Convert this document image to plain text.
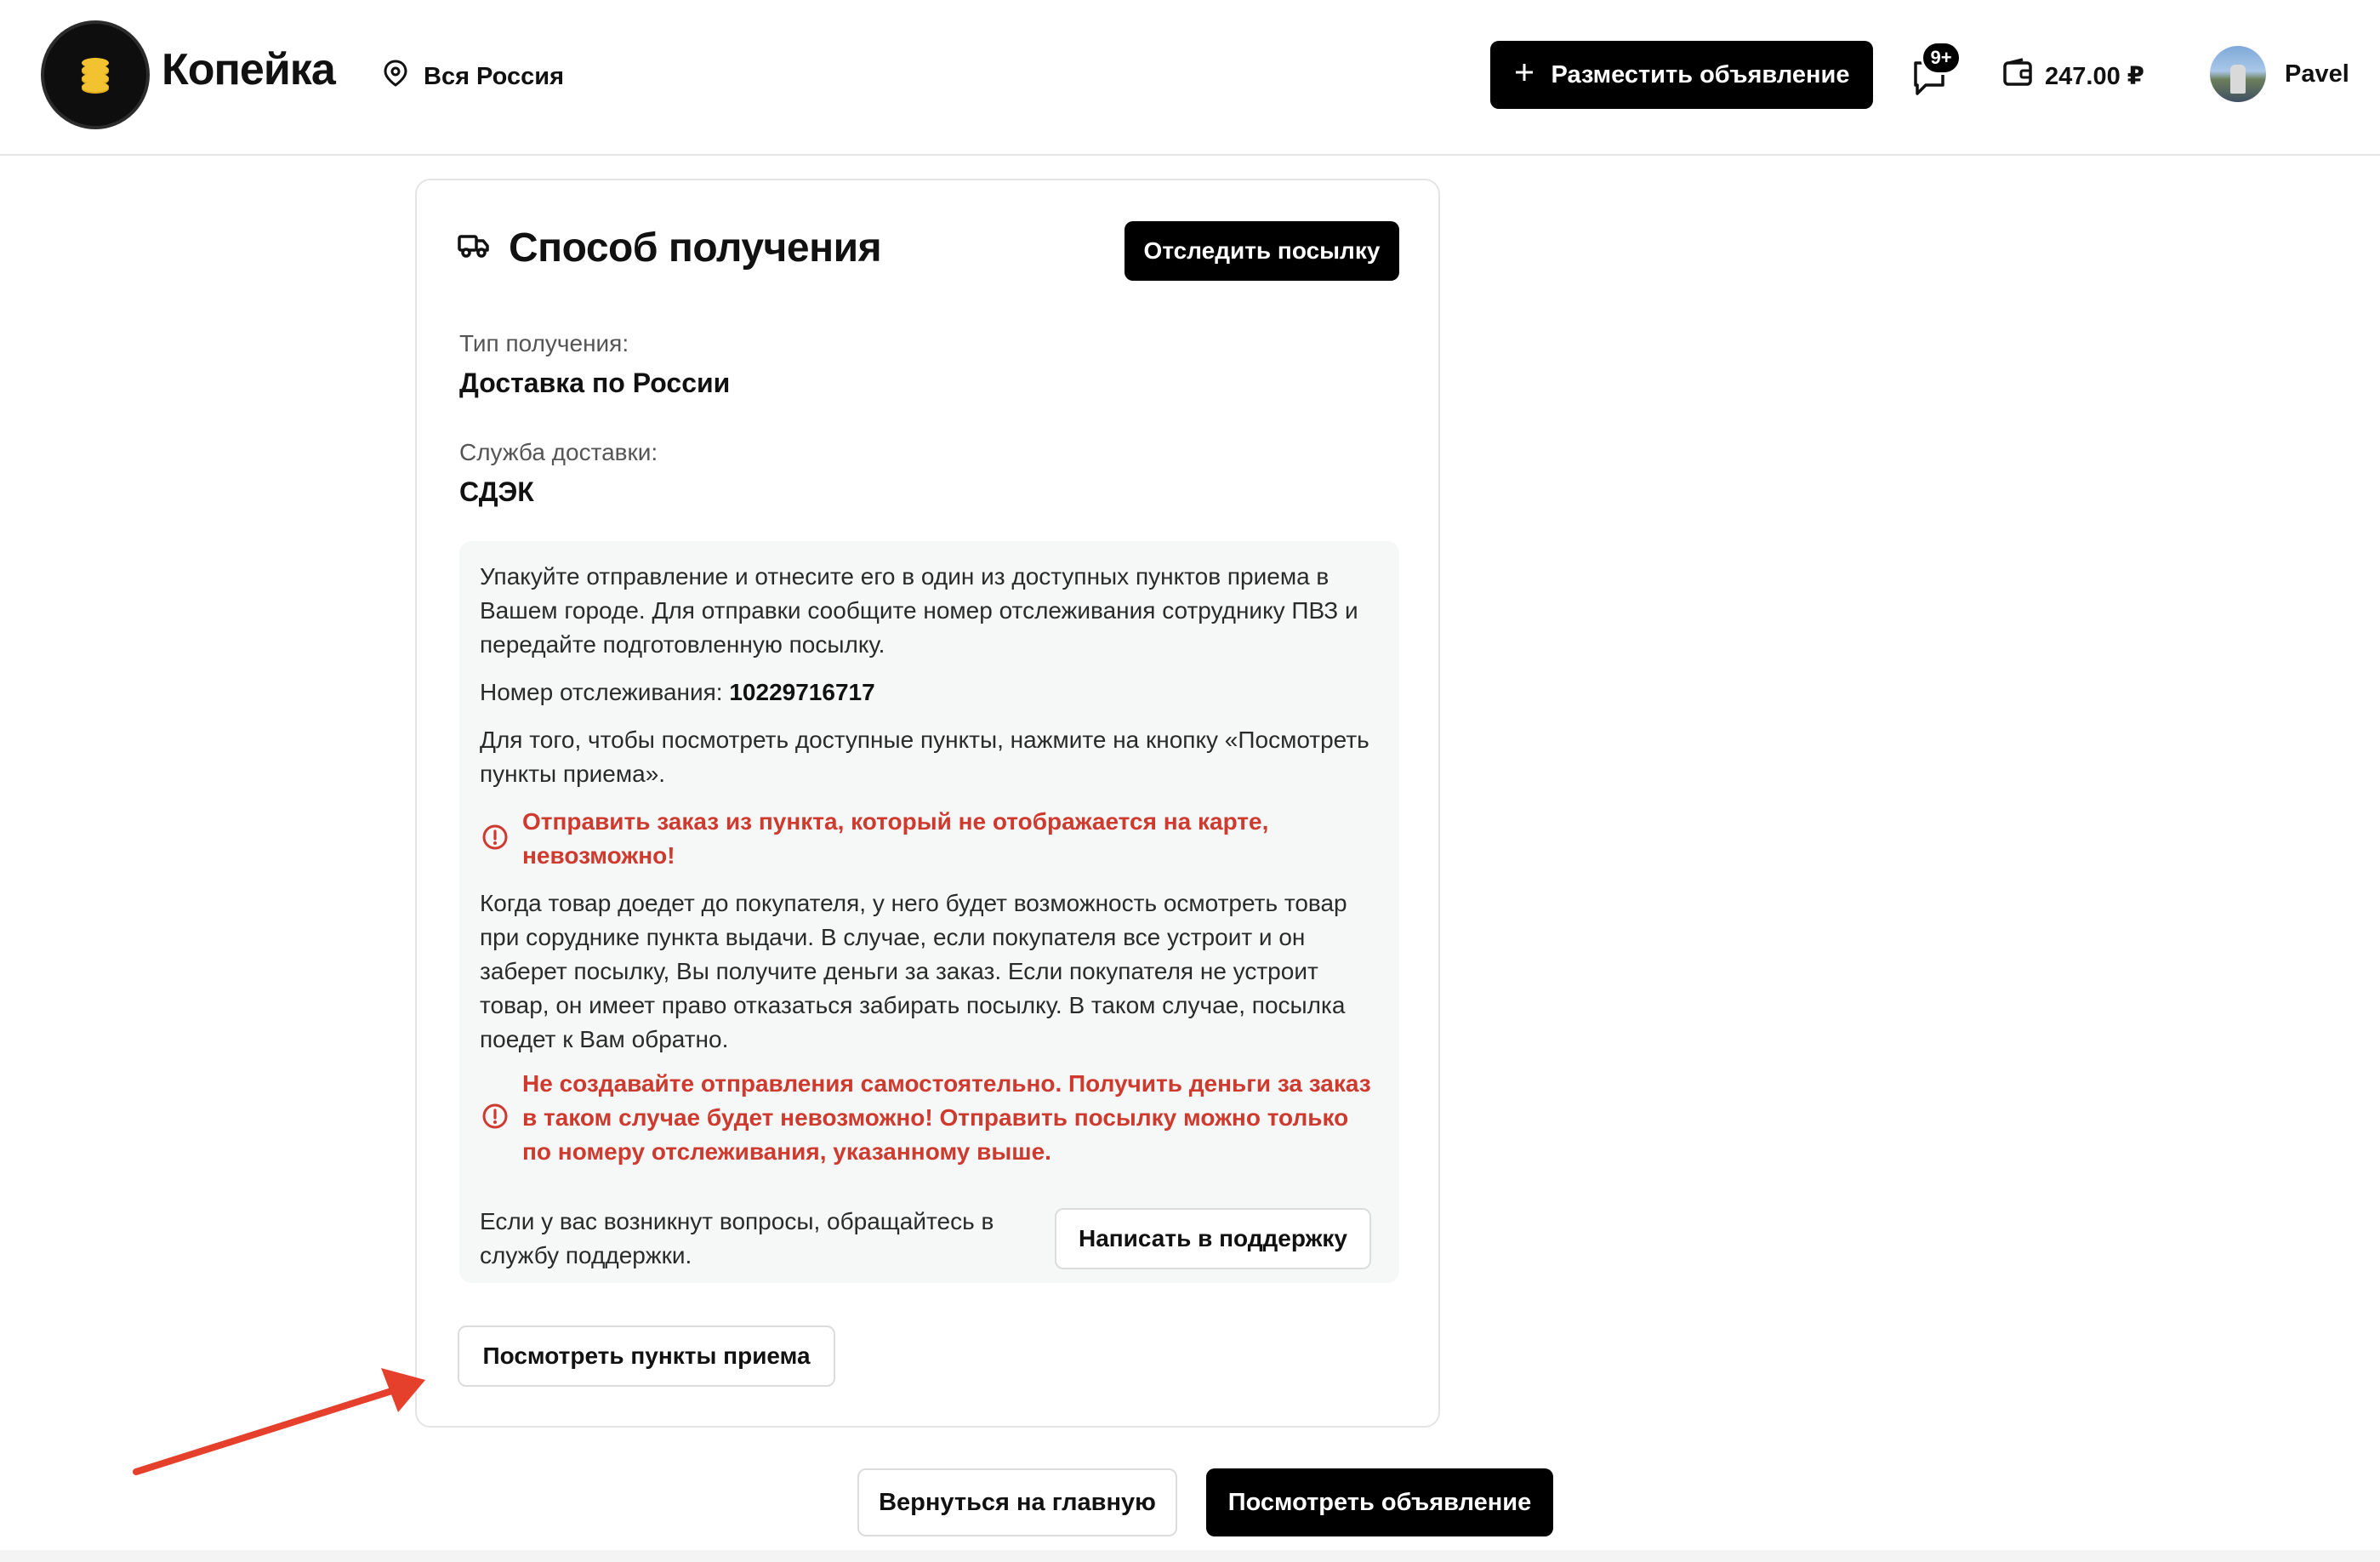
Копейка	Вся Россия	Разместить объявление
9+
247.00 ₽	Pavel
Способ получения	Отследить посылку
Тип получения:
Доставка по России
Служба доставки:
СДЭК
Упакуйте отправление и отнесите его в один из доступных пунктов приема в Вашем городе. Для отправки сообщите номер отслеживания сотруднику ПВЗ и передайте подготовленную посылку.
Номер отслеживания: 10229716717
Для того, чтобы посмотреть доступные пункты, нажмите на кнопку «Посмотреть пункты приема».
Отправить заказ из пункта, который не отображается на карте, невозможно!
Когда товар доедет до покупателя, у него будет возможность осмотреть товар при соруднике пункта выдачи. В случае, если покупателя все устроит и он заберет посылку, Вы получите деньги за заказ. Если покупателя не устроит товар, он имеет право отказаться забирать посылку. В таком случае, посылка поедет к Вам обратно.
Не создавайте отправления самостоятельно. Получить деньги за заказ в таком случае будет невозможно! Отправить посылку можно только по номеру отслеживания, указанному выше.
Если у вас возникнут вопросы, обращайтесь в службу поддержки.
Написать в поддержку
Посмотреть пункты приема
Вернуться на главную	Посмотреть объявление
